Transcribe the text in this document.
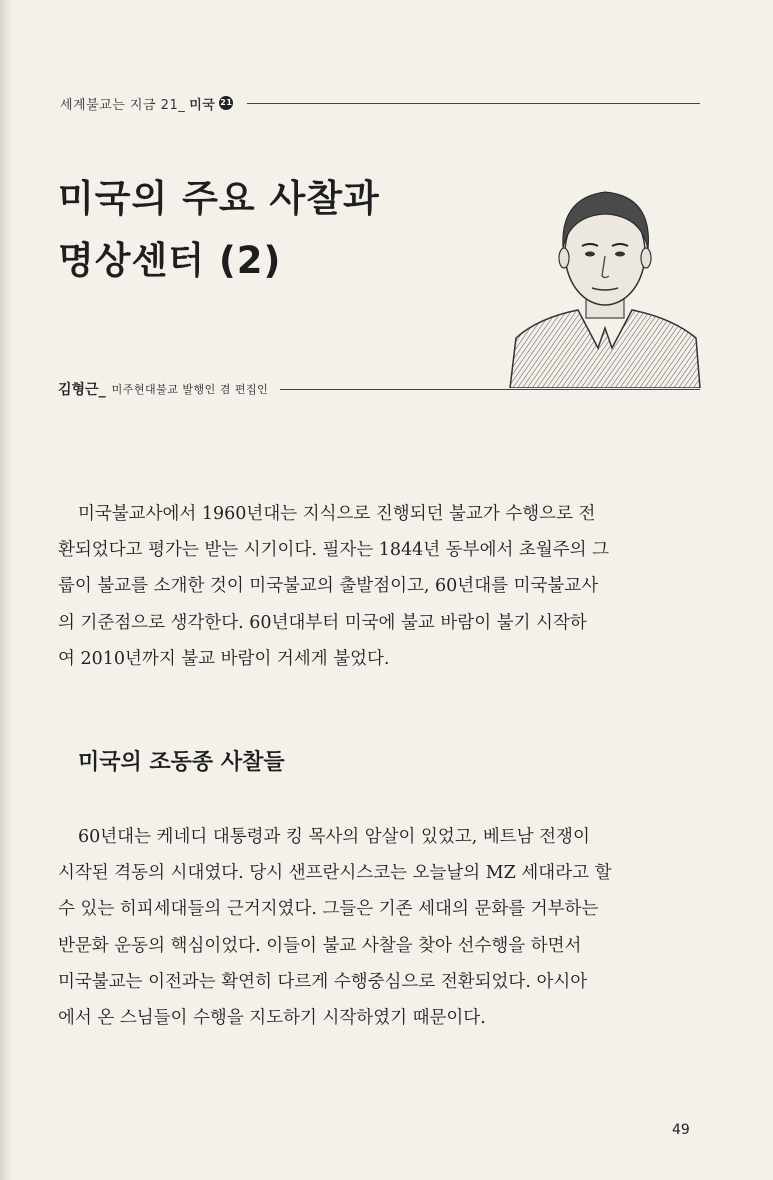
세계불교는 지금 21_ 미국 21
미국의 주요 사찰과
명상센터 (2)
김형근_ 미주현대불교 발행인 겸 편집인

미국불교사에서 1960년대는 지식으로 진행되던 불교가 수행으로 전
환되었다고 평가는 받는 시기이다. 필자는 1844년 동부에서 초월주의 그
룹이 불교를 소개한 것이 미국불교의 출발점이고, 60년대를 미국불교사
의 기준점으로 생각한다. 60년대부터 미국에 불교 바람이 불기 시작하
여 2010년까지 불교 바람이 거세게 불었다.

미국의 조동종 사찰들

60년대는 케네디 대통령과 킹 목사의 암살이 있었고, 베트남 전쟁이
시작된 격동의 시대였다. 당시 샌프란시스코는 오늘날의 MZ 세대라고 할
수 있는 히피세대들의 근거지였다. 그들은 기존 세대의 문화를 거부하는
반문화 운동의 핵심이었다. 이들이 불교 사찰을 찾아 선수행을 하면서
미국불교는 이전과는 확연히 다르게 수행중심으로 전환되었다. 아시아
에서 온 스님들이 수행을 지도하기 시작하였기 때문이다.

49
